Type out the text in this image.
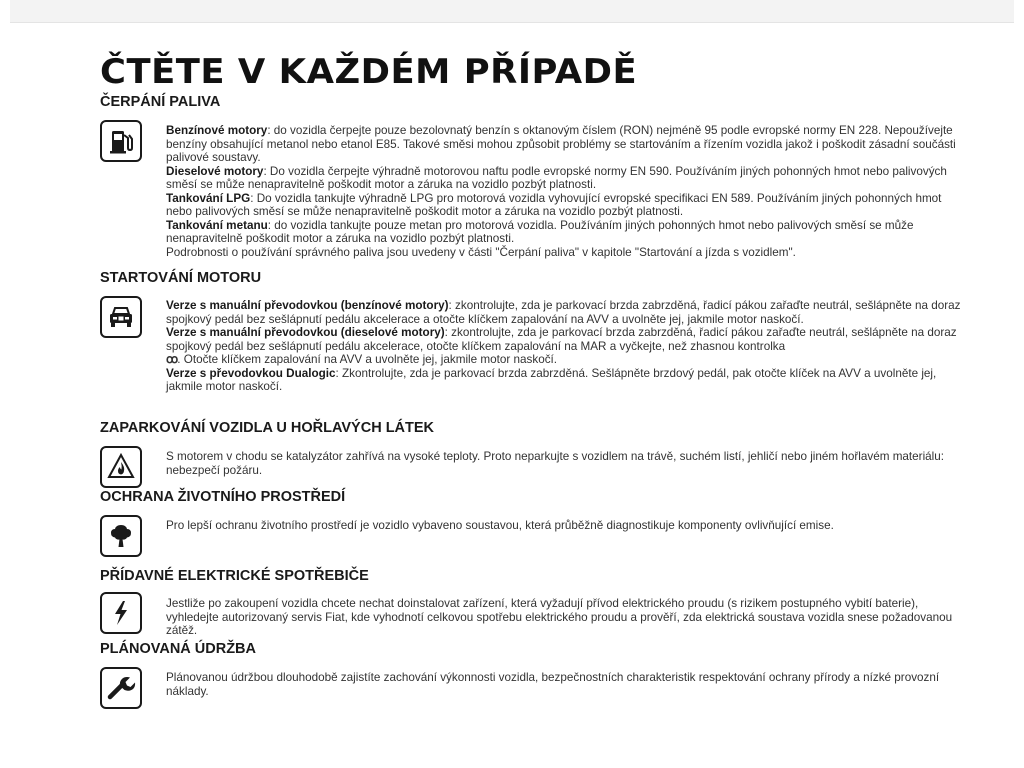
ČTĚTE V KAŽDÉM PŘÍPADĚ
ČERPÁNÍ PALIVA

Benzínové motory: do vozidla čerpejte pouze bezolovnatý benzín s oktanovým číslem (RON) nejméně 95 podle evropské normy EN 228. Nepoužívejte benzíny obsahující metanol nebo etanol E85. Takové směsi mohou způsobit problémy se startováním a řízením vozidla jakož i poškodit zásadní součásti palivové soustavy.

Dieselové motory: Do vozidla čerpejte výhradně motorovou naftu podle evropské normy EN 590. Používáním jiných pohonných hmot nebo palivových směsí se může nenapravitelně poškodit motor a záruka na vozidlo pozbýt platnosti.

Tankování LPG: Do vozidla tankujte výhradně LPG pro motorová vozidla vyhovující evropské specifikaci EN 589. Používáním jiných pohonných hmot nebo palivových směsí se může nenapravitelně poškodit motor a záruka na vozidlo pozbýt platnosti.

Tankování metanu: do vozidla tankujte pouze metan pro motorová vozidla. Používáním jiných pohonných hmot nebo palivových směsí se může nenapravitelně poškodit motor a záruka na vozidlo pozbýt platnosti.

Podrobnosti o používání správného paliva jsou uvedeny v části "Čerpání paliva" v kapitole "Startování a jízda s vozidlem".

STARTOVÁNÍ MOTORU

Verze s manuální převodovkou (benzínové motory): zkontrolujte, zda je parkovací brzda zabrzděná, řadicí pákou zařaďte neutrál, sešlápněte na doraz spojkový pedál bez sešlápnutí pedálu akcelerace a otočte klíčkem zapalování na AVV a uvolněte jej, jakmile motor naskočí.

Verze s manuální převodovkou (dieselové motory): zkontrolujte, zda je parkovací brzda zabrzděná, řadicí pákou zařaďte neutrál, sešlápněte na doraz spojkový pedál bez sešlápnutí pedálu akcelerace, otočte klíčkem zapalování na MAR a vyčkejte, než zhasnou kontrolka
ꝏ. Otočte klíčkem zapalování na AVV a uvolněte jej, jakmile motor naskočí.

Verze s převodovkou Dualogic: Zkontrolujte, zda je parkovací brzda zabrzděná. Sešlápněte brzdový pedál, pak otočte klíček na AVV a uvolněte jej, jakmile motor naskočí.

ZAPARKOVÁNÍ VOZIDLA U HOŘLAVÝCH LÁTEK

S motorem v chodu se katalyzátor zahřívá na vysoké teploty. Proto neparkujte s vozidlem na trávě, suchém listí, jehličí nebo jiném hořlavém materiálu: nebezpečí požáru.

OCHRANA ŽIVOTNÍHO PROSTŘEDÍ

Pro lepší ochranu životního prostředí je vozidlo vybaveno soustavou, která průběžně diagnostikuje komponenty ovlivňující emise.

PŘÍDAVNÉ ELEKTRICKÉ SPOTŘEBIČE

Jestliže po zakoupení vozidla chcete nechat doinstalovat zařízení, která vyžadují přívod elektrického proudu (s rizikem postupného vybití baterie), vyhledejte autorizovaný servis Fiat, kde vyhodnotí celkovou spotřebu elektrického proudu a prověří, zda elektrická soustava vozidla snese požadovanou zátěž.

PLÁNOVANÁ ÚDRŽBA

Plánovanou údržbou dlouhodobě zajistíte zachování výkonnosti vozidla, bezpečnostních charakteristik respektování ochrany přírody a nízké provozní náklady.
